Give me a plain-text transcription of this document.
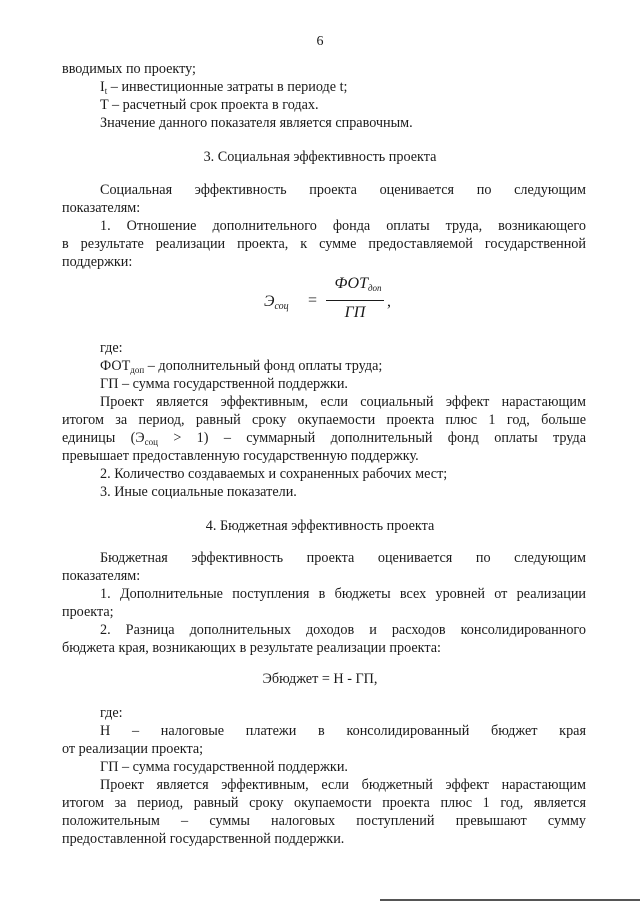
6
вводимых по проекту;
$I_t$ – инвестиционные затраты в периоде t;
T – расчетный срок проекта в годах.
Значение данного показателя является справочным.
3. Социальная эффективность проекта
Социальная эффективность проекта оценивается по следующим
показателям:
1. Отношение дополнительного фонда оплаты труда, возникающего
в результате реализации проекта, к сумме предоставляемой государственной
поддержки:
$Э_{соц}$ =
$ФОТ_{доп}$
ГП
,
где:
$ФОТ_{доп}$ – дополнительный фонд оплаты труда;
ГП – сумма государственной поддержки.
Проект является эффективным, если социальный эффект нарастающим
итогом за период, равный сроку окупаемости проекта плюс 1 год, больше
единицы $(Э_{соц} > 1)$ – суммарный дополнительный фонд оплаты труда
превышает предоставленную государственную поддержку.
2. Количество создаваемых и сохраненных рабочих мест;
3. Иные социальные показатели.
4. Бюджетная эффективность проекта
Бюджетная эффективность проекта оценивается по следующим
показателям:
1. Дополнительные поступления в бюджеты всех уровней от реализации
проекта;
2. Разница дополнительных доходов и расходов консолидированного
бюджета края, возникающих в результате реализации проекта:
Эбюджет = Н - ГП,
где:
Н – налоговые платежи в консолидированный бюджет края
от реализации проекта;
ГП – сумма государственной поддержки.
Проект является эффективным, если бюджетный эффект нарастающим
итогом за период, равный сроку окупаемости проекта плюс 1 год, является
положительным – суммы налоговых поступлений превышают сумму
предоставленной государственной поддержки.
